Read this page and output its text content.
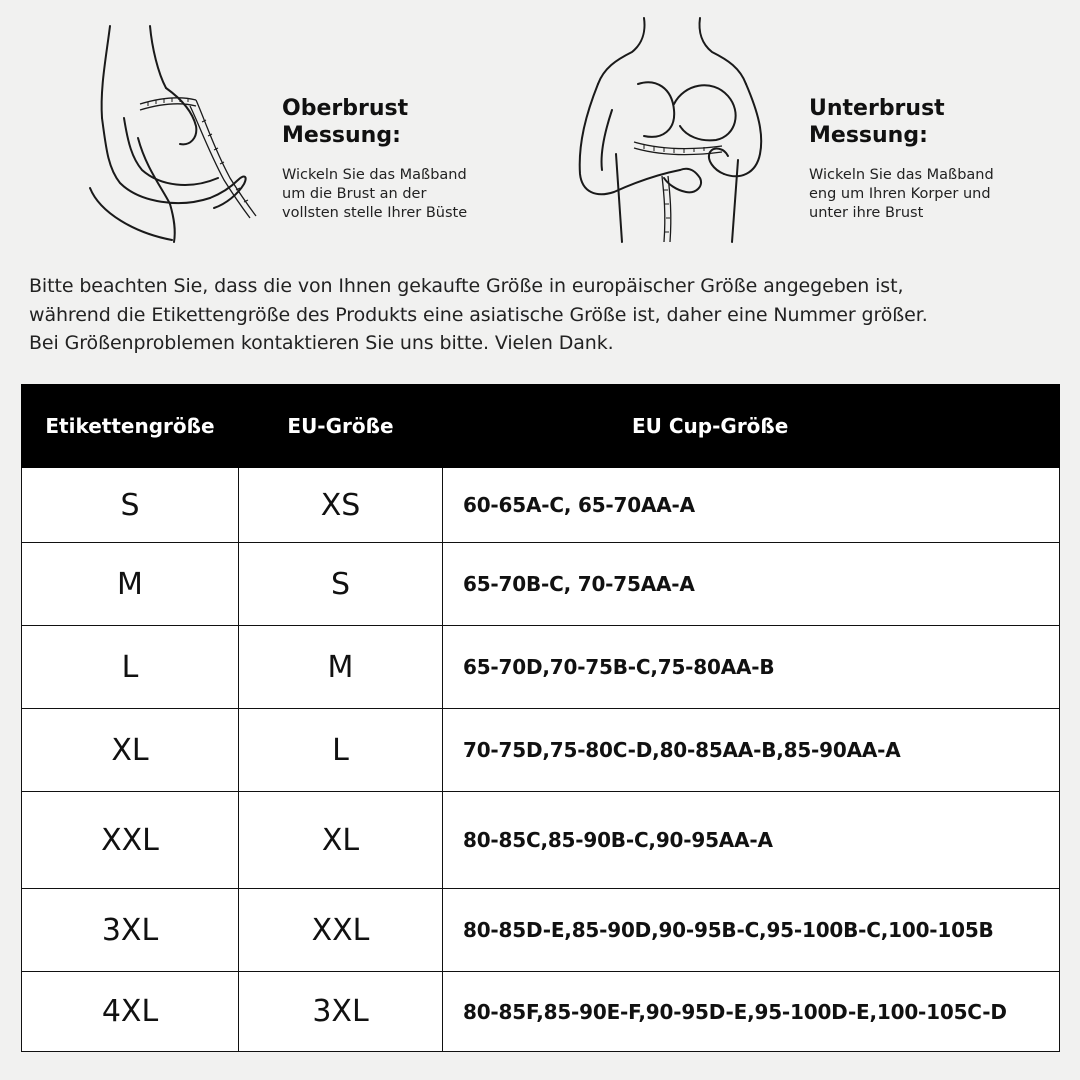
Oberbrust
Messung:
Wickeln Sie das Maßband
um die Brust an der
vollsten stelle Ihrer Büste
Unterbrust
Messung:
Wickeln Sie das Maßband
eng um Ihren Korper und
unter ihre Brust
Bitte beachten Sie, dass die von Ihnen gekaufte Größe in europäischer Größe angegeben ist,
während die Etikettengröße des Produkts eine asiatische Größe ist, daher eine Nummer größer.
Bei Größenproblemen kontaktieren Sie uns bitte. Vielen Dank.
Etikettengröße	EU-Größe	EU Cup-Größe
S	XS	60-65A-C, 65-70AA-A
M	S	65-70B-C, 70-75AA-A
L	M	65-70D,70-75B-C,75-80AA-B
XL	L	70-75D,75-80C-D,80-85AA-B,85-90AA-A
XXL	XL	80-85C,85-90B-C,90-95AA-A
3XL	XXL	80-85D-E,85-90D,90-95B-C,95-100B-C,100-105B
4XL	3XL	80-85F,85-90E-F,90-95D-E,95-100D-E,100-105C-D
